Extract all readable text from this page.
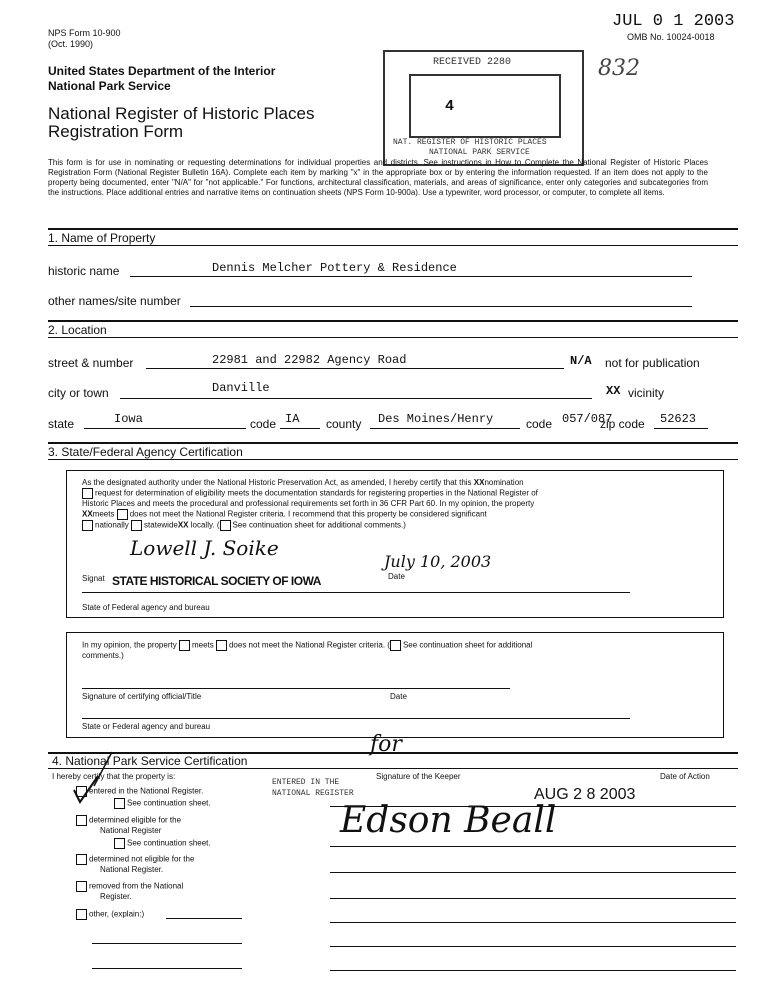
NPS Form 10-900
(Oct. 1990)
JUL 0 1 2003
OMB No. 10024-0018
United States Department of the Interior
National Park Service
National Register of Historic Places
Registration Form
RECEIVED 2280
4
NAT. REGISTER OF HISTORIC PLACES
NATIONAL PARK SERVICE
832
This form is for use in nominating or requesting determinations for individual properties and districts. See instructions in How to Complete the National Register of Historic Places Registration Form (National Register Bulletin 16A). Complete each item by marking "x" in the appropriate box or by entering the information requested. If an item does not apply to the property being documented, enter "N/A" for "not applicable." For functions, architectural classification, materials, and areas of significance, enter only categories and subcategories from the instructions. Place additional entries and narrative items on continuation sheets (NPS Form 10-900a). Use a typewriter, word processor, or computer, to complete all items.
1. Name of Property
historic name	Dennis Melcher Pottery & Residence
other names/site number
2. Location
street & number	22981 and 22982 Agency Road	N/A not for publication
city or town	Danville	XX vicinity
state	Iowa	code IA county Des Moines/Henry	code 057/087
zip code 52623
3. State/Federal Agency Certification
As the designated authority under the National Historic Preservation Act, as amended, I hereby certify that this XXnomination
request for determination of eligibility meets the documentation standards for registering properties in the National Register of
Historic Places and meets the procedural and professional requirements set forth in 36 CFR Part 60. In my opinion, the property
XXmeets does not meet the National Register criteria. I recommend that this property be considered significant
nationally statewideXX locally. ( See continuation sheet for additional comments.)
Lowell J. Soike
July 10, 2003
Signat STATE HISTORICAL SOCIETY OF IOWA	Date
State of Federal agency and bureau
In my opinion, the property meets does not meet the National Register criteria. ( See continuation sheet for additional
comments.)
Signature of certifying official/Title	Date
State or Federal agency and bureau
4. National Park Service Certification
I hereby certify that the property is:	Signature of the Keeper	Date of Action
for
ENTERED IN THE
NATIONAL REGISTER
entered in the National Register.
See continuation sheet.
determined eligible for the
National Register
See continuation sheet.
determined not eligible for the
National Register.
removed from the National
Register.
other, (explain:)
AUG 2 8 2003
Edson Beall
